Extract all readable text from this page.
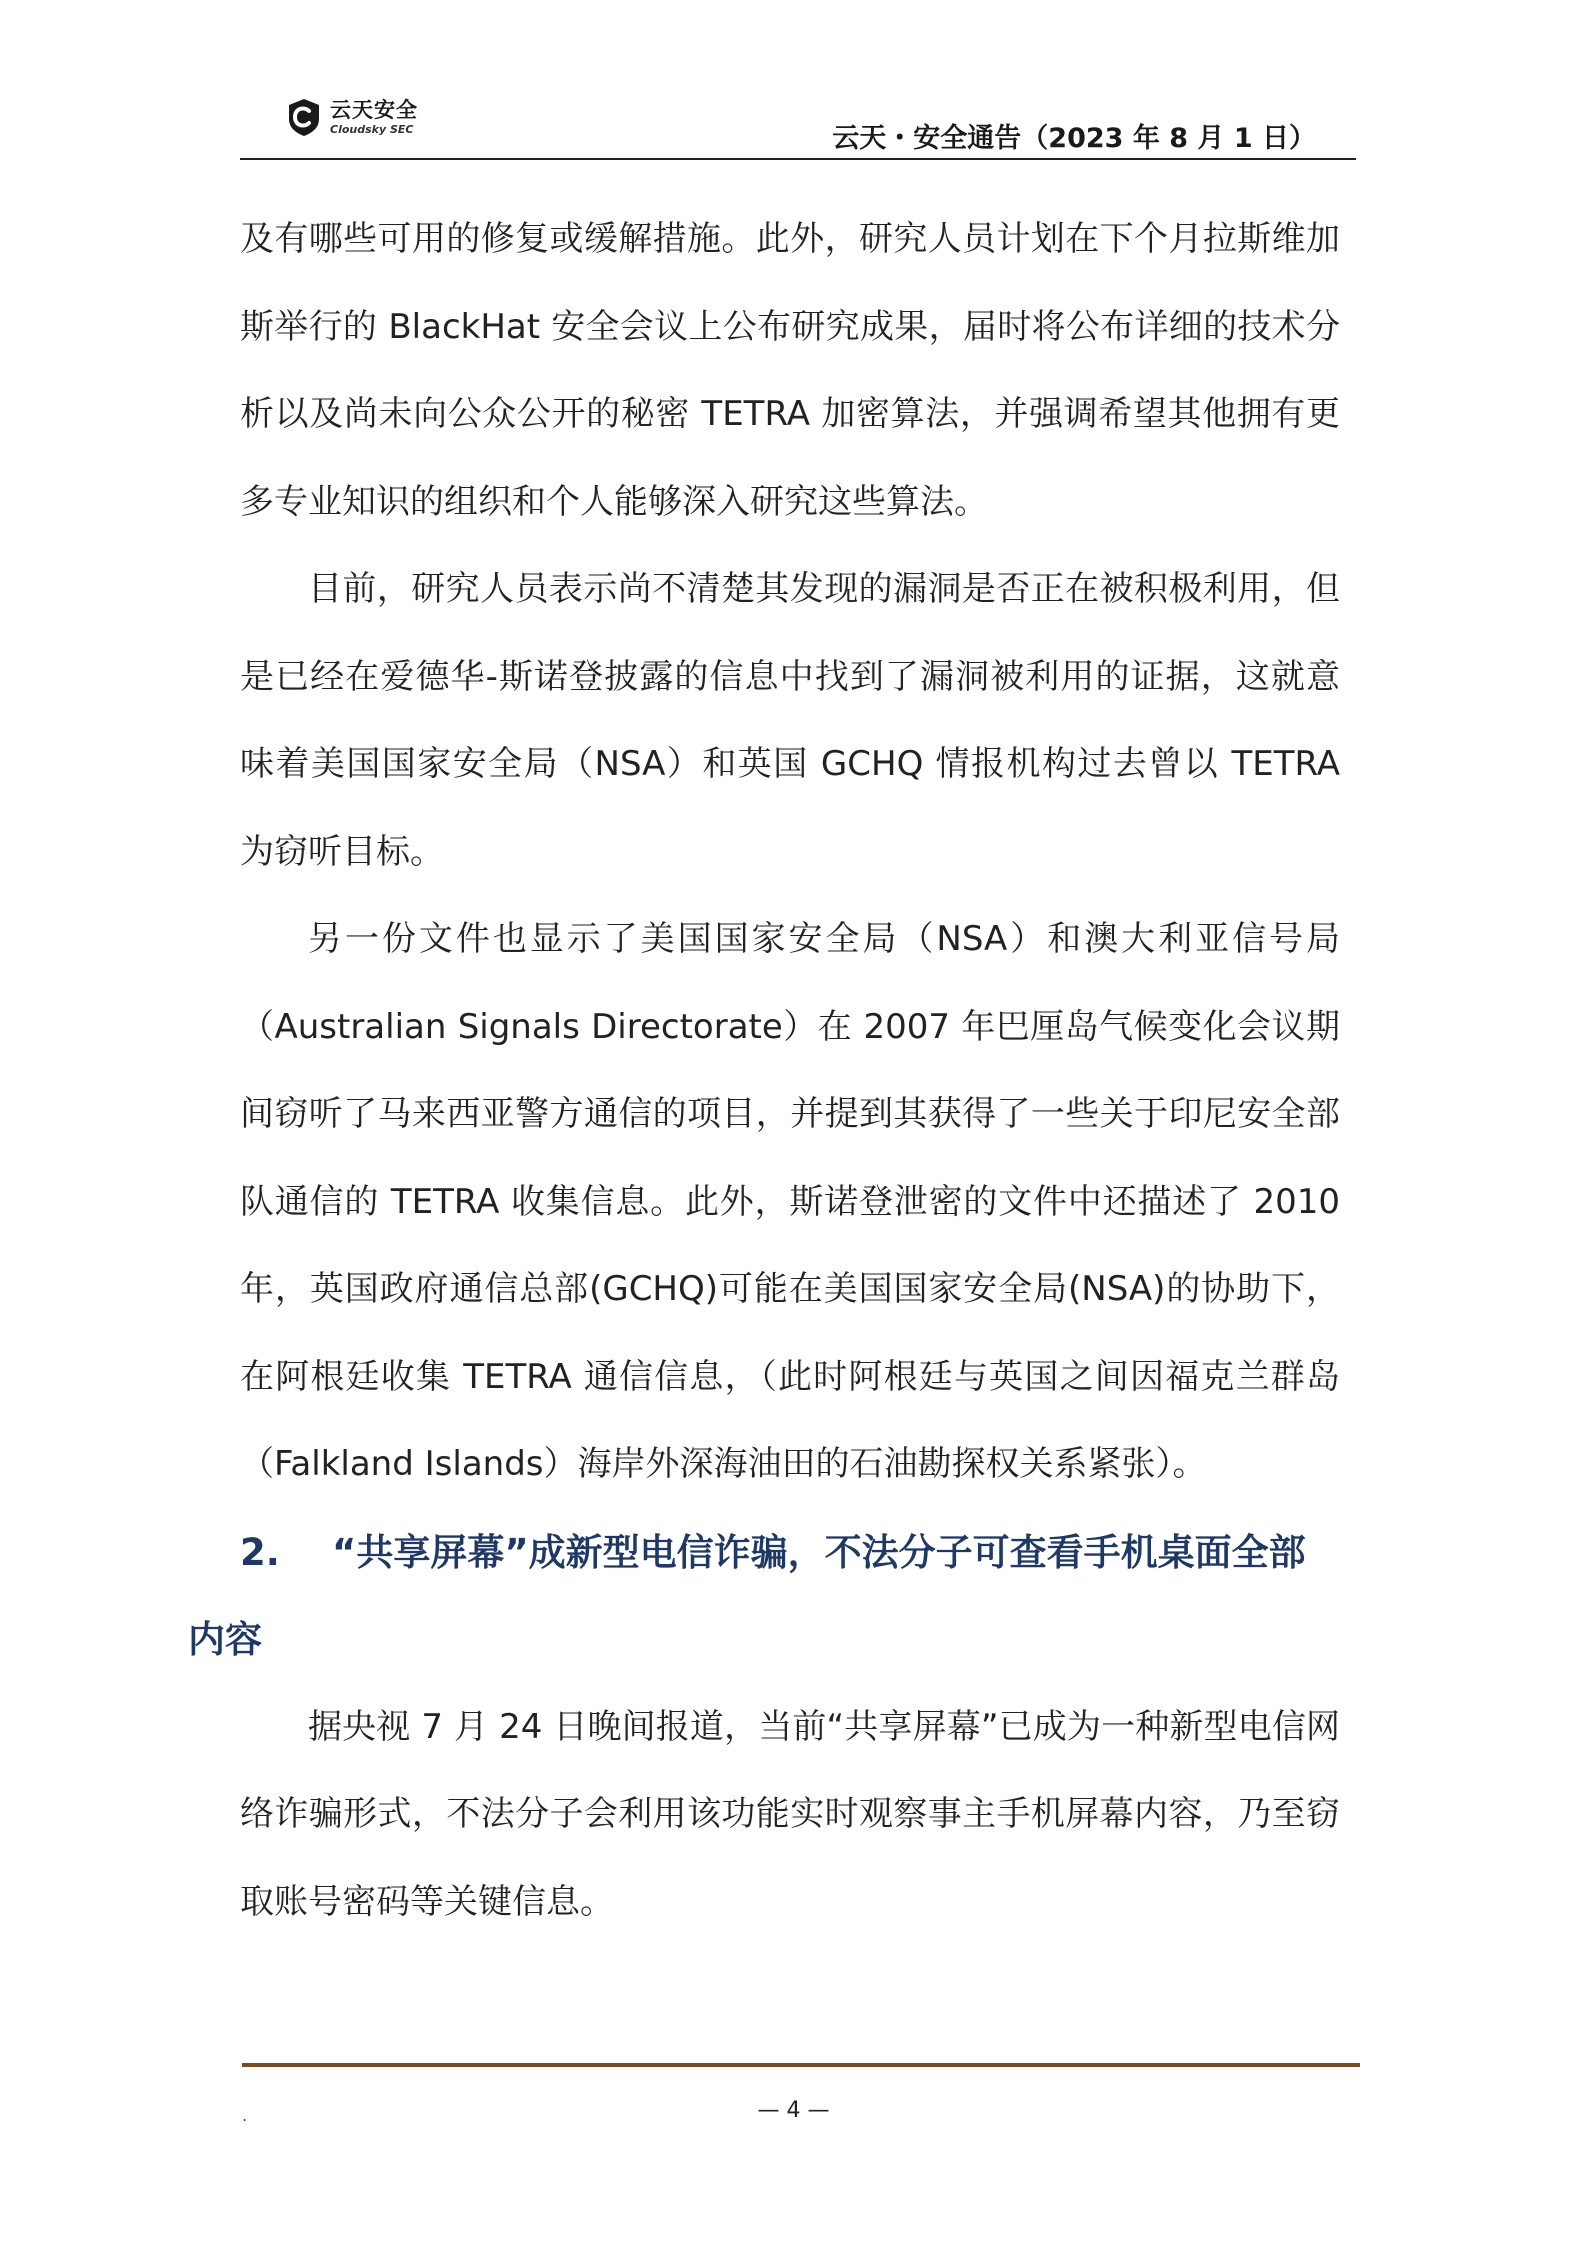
云天安全
Cloudsky SEC	云天・安全通告（2023 年 8 月 1 日）

及有哪些可用的修复或缓解措施。此外，研究人员计划在下个月拉斯维加斯举行的 BlackHat 安全会议上公布研究成果，届时将公布详细的技术分析以及尚未向公众公开的秘密 TETRA 加密算法，并强调希望其他拥有更多专业知识的组织和个人能够深入研究这些算法。

目前，研究人员表示尚不清楚其发现的漏洞是否正在被积极利用，但是已经在爱德华-斯诺登披露的信息中找到了漏洞被利用的证据，这就意味着美国国家安全局（NSA）和英国 GCHQ 情报机构过去曾以 TETRA 为窃听目标。

另一份文件也显示了美国国家安全局（NSA）和澳大利亚信号局（Australian Signals Directorate）在 2007 年巴厘岛气候变化会议期间窃听了马来西亚警方通信的项目，并提到其获得了一些关于印尼安全部队通信的 TETRA 收集信息。此外，斯诺登泄密的文件中还描述了 2010 年，英国政府通信总部(GCHQ)可能在美国国家安全局(NSA)的协助下，在阿根廷收集 TETRA 通信信息，（此时阿根廷与英国之间因福克兰群岛（Falkland Islands）海岸外深海油田的石油勘探权关系紧张）。

2. “共享屏幕”成新型电信诈骗，不法分子可查看手机桌面全部内容

据央视 7 月 24 日晚间报道，当前“共享屏幕”已成为一种新型电信网络诈骗形式，不法分子会利用该功能实时观察事主手机屏幕内容，乃至窃取账号密码等关键信息。

.	— 4 —
